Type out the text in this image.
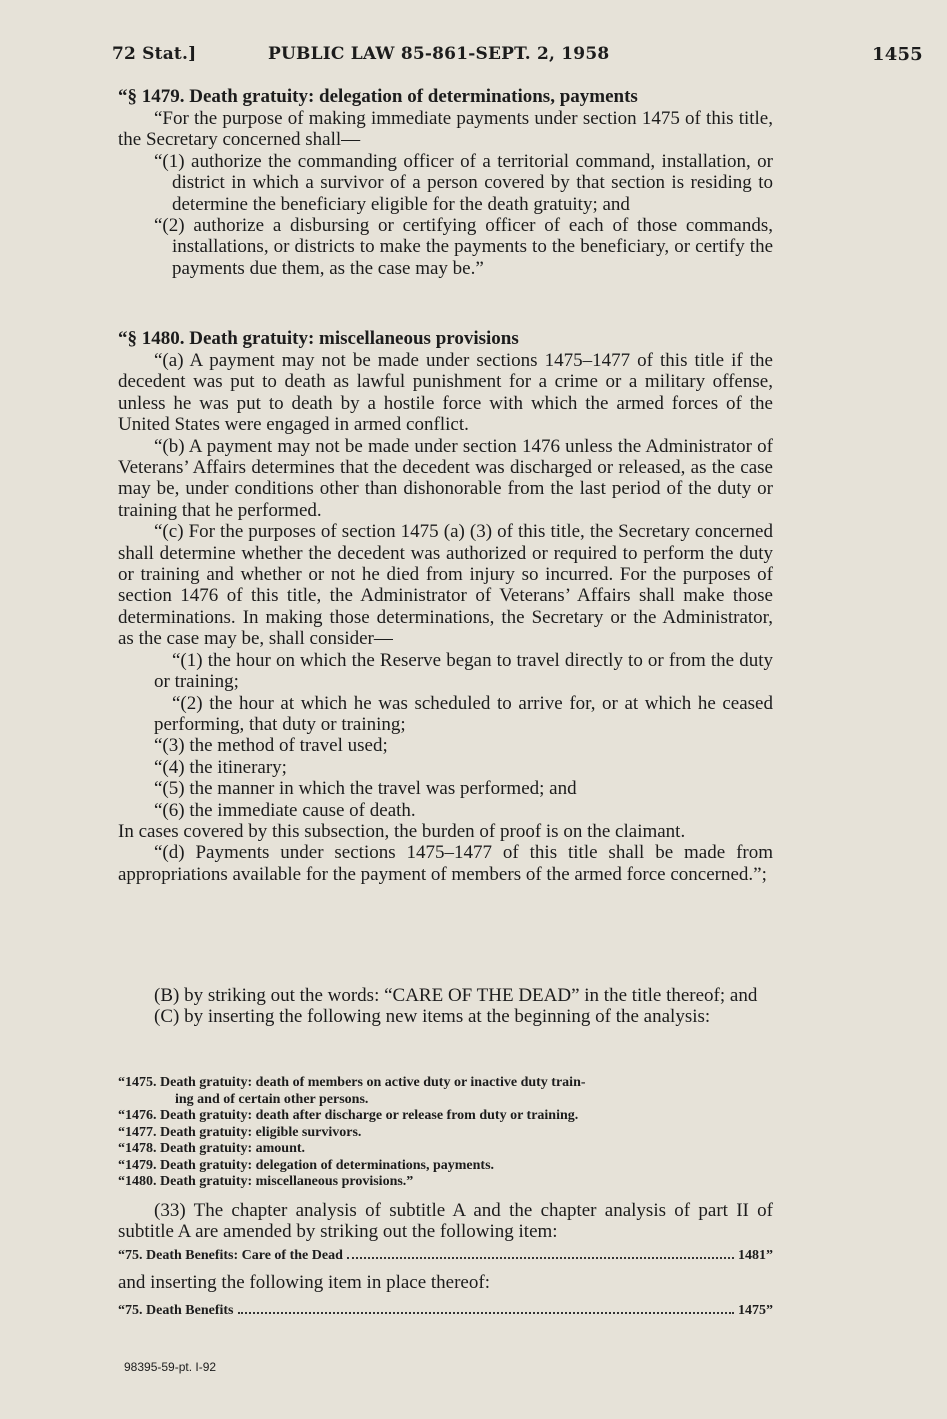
72 Stat.]	PUBLIC LAW 85-861-SEPT. 2, 1958	1455

“§ 1479. Death gratuity: delegation of determinations, payments

“For the purpose of making immediate payments under section 1475 of this title, the Secretary concerned shall—

“(1) authorize the commanding officer of a territorial command, installation, or district in which a survivor of a person covered by that section is residing to determine the beneficiary eligible for the death gratuity; and

“(2) authorize a disbursing or certifying officer of each of those commands, installations, or districts to make the payments to the beneficiary, or certify the payments due them, as the case may be.”

“§ 1480. Death gratuity: miscellaneous provisions

“(a) A payment may not be made under sections 1475–1477 of this title if the decedent was put to death as lawful punishment for a crime or a military offense, unless he was put to death by a hostile force with which the armed forces of the United States were engaged in armed conflict.

“(b) A payment may not be made under section 1476 unless the Administrator of Veterans’ Affairs determines that the decedent was discharged or released, as the case may be, under conditions other than dishonorable from the last period of the duty or training that he performed.

“(c) For the purposes of section 1475 (a) (3) of this title, the Secretary concerned shall determine whether the decedent was authorized or required to perform the duty or training and whether or not he died from injury so incurred. For the purposes of section 1476 of this title, the Administrator of Veterans’ Affairs shall make those determinations. In making those determinations, the Secretary or the Administrator, as the case may be, shall consider—

“(1) the hour on which the Reserve began to travel directly to or from the duty or training;

“(2) the hour at which he was scheduled to arrive for, or at which he ceased performing, that duty or training;

“(3) the method of travel used;

“(4) the itinerary;

“(5) the manner in which the travel was performed; and

“(6) the immediate cause of death.

In cases covered by this subsection, the burden of proof is on the claimant.

“(d) Payments under sections 1475–1477 of this title shall be made from appropriations available for the payment of members of the armed force concerned.”;

(B) by striking out the words: “CARE OF THE DEAD” in the title thereof; and

(C) by inserting the following new items at the beginning of the analysis:

“1475. Death gratuity: death of members on active duty or inactive duty train-
ing and of certain other persons.

“1476. Death gratuity: death after discharge or release from duty or training.

“1477. Death gratuity: eligible survivors.

“1478. Death gratuity: amount.

“1479. Death gratuity: delegation of determinations, payments.

“1480. Death gratuity: miscellaneous provisions.”

(33) The chapter analysis of subtitle A and the chapter analysis of part II of subtitle A are amended by striking out the following item:

“75. Death Benefits: Care of the Dead	1481”

and inserting the following item in place thereof:

“75. Death Benefits	1475”
98395-59-pt. I-92
